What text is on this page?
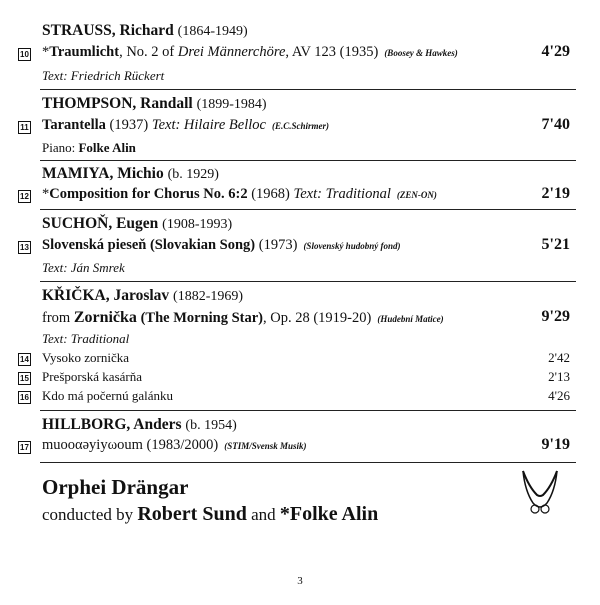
STRAUSS, Richard (1864-1949)
10 *Traumlicht, No. 2 of Drei Männerchöre, AV 123 (1935) (Boosey & Hawkes)	4'29
Text: Friedrich Rückert
THOMPSON, Randall (1899-1984)
11 Tarantella (1937) Text: Hilaire Belloc (E.C.Schirmer)	7'40
Piano: Folke Alin
MAMIYA, Michio (b. 1929)
12 *Composition for Chorus No. 6:2 (1968) Text: Traditional (ZEN-ON)	2'19
SUCHOŇ, Eugen (1908-1993)
13 Slovenská pieseň (Slovakian Song) (1973) (Slovenský hudobný fond)	5'21
Text: Ján Smrek
KŘIČKA, Jaroslav (1882-1969)
from Zornička (The Morning Star), Op. 28 (1919-20) (Hudební Matice)	9'29
Text: Traditional
14 Vysoko zornička	2'42
15 Prešporská kasárňa	2'13
16 Kdo má počernú galánku	4'26
HILLBORG, Anders (b. 1954)
17 muοοαəyiyωοum (1983/2000) (STIM/Svensk Musik)	9'19
Orphei Drängar
conducted by Robert Sund and *Folke Alin
3
